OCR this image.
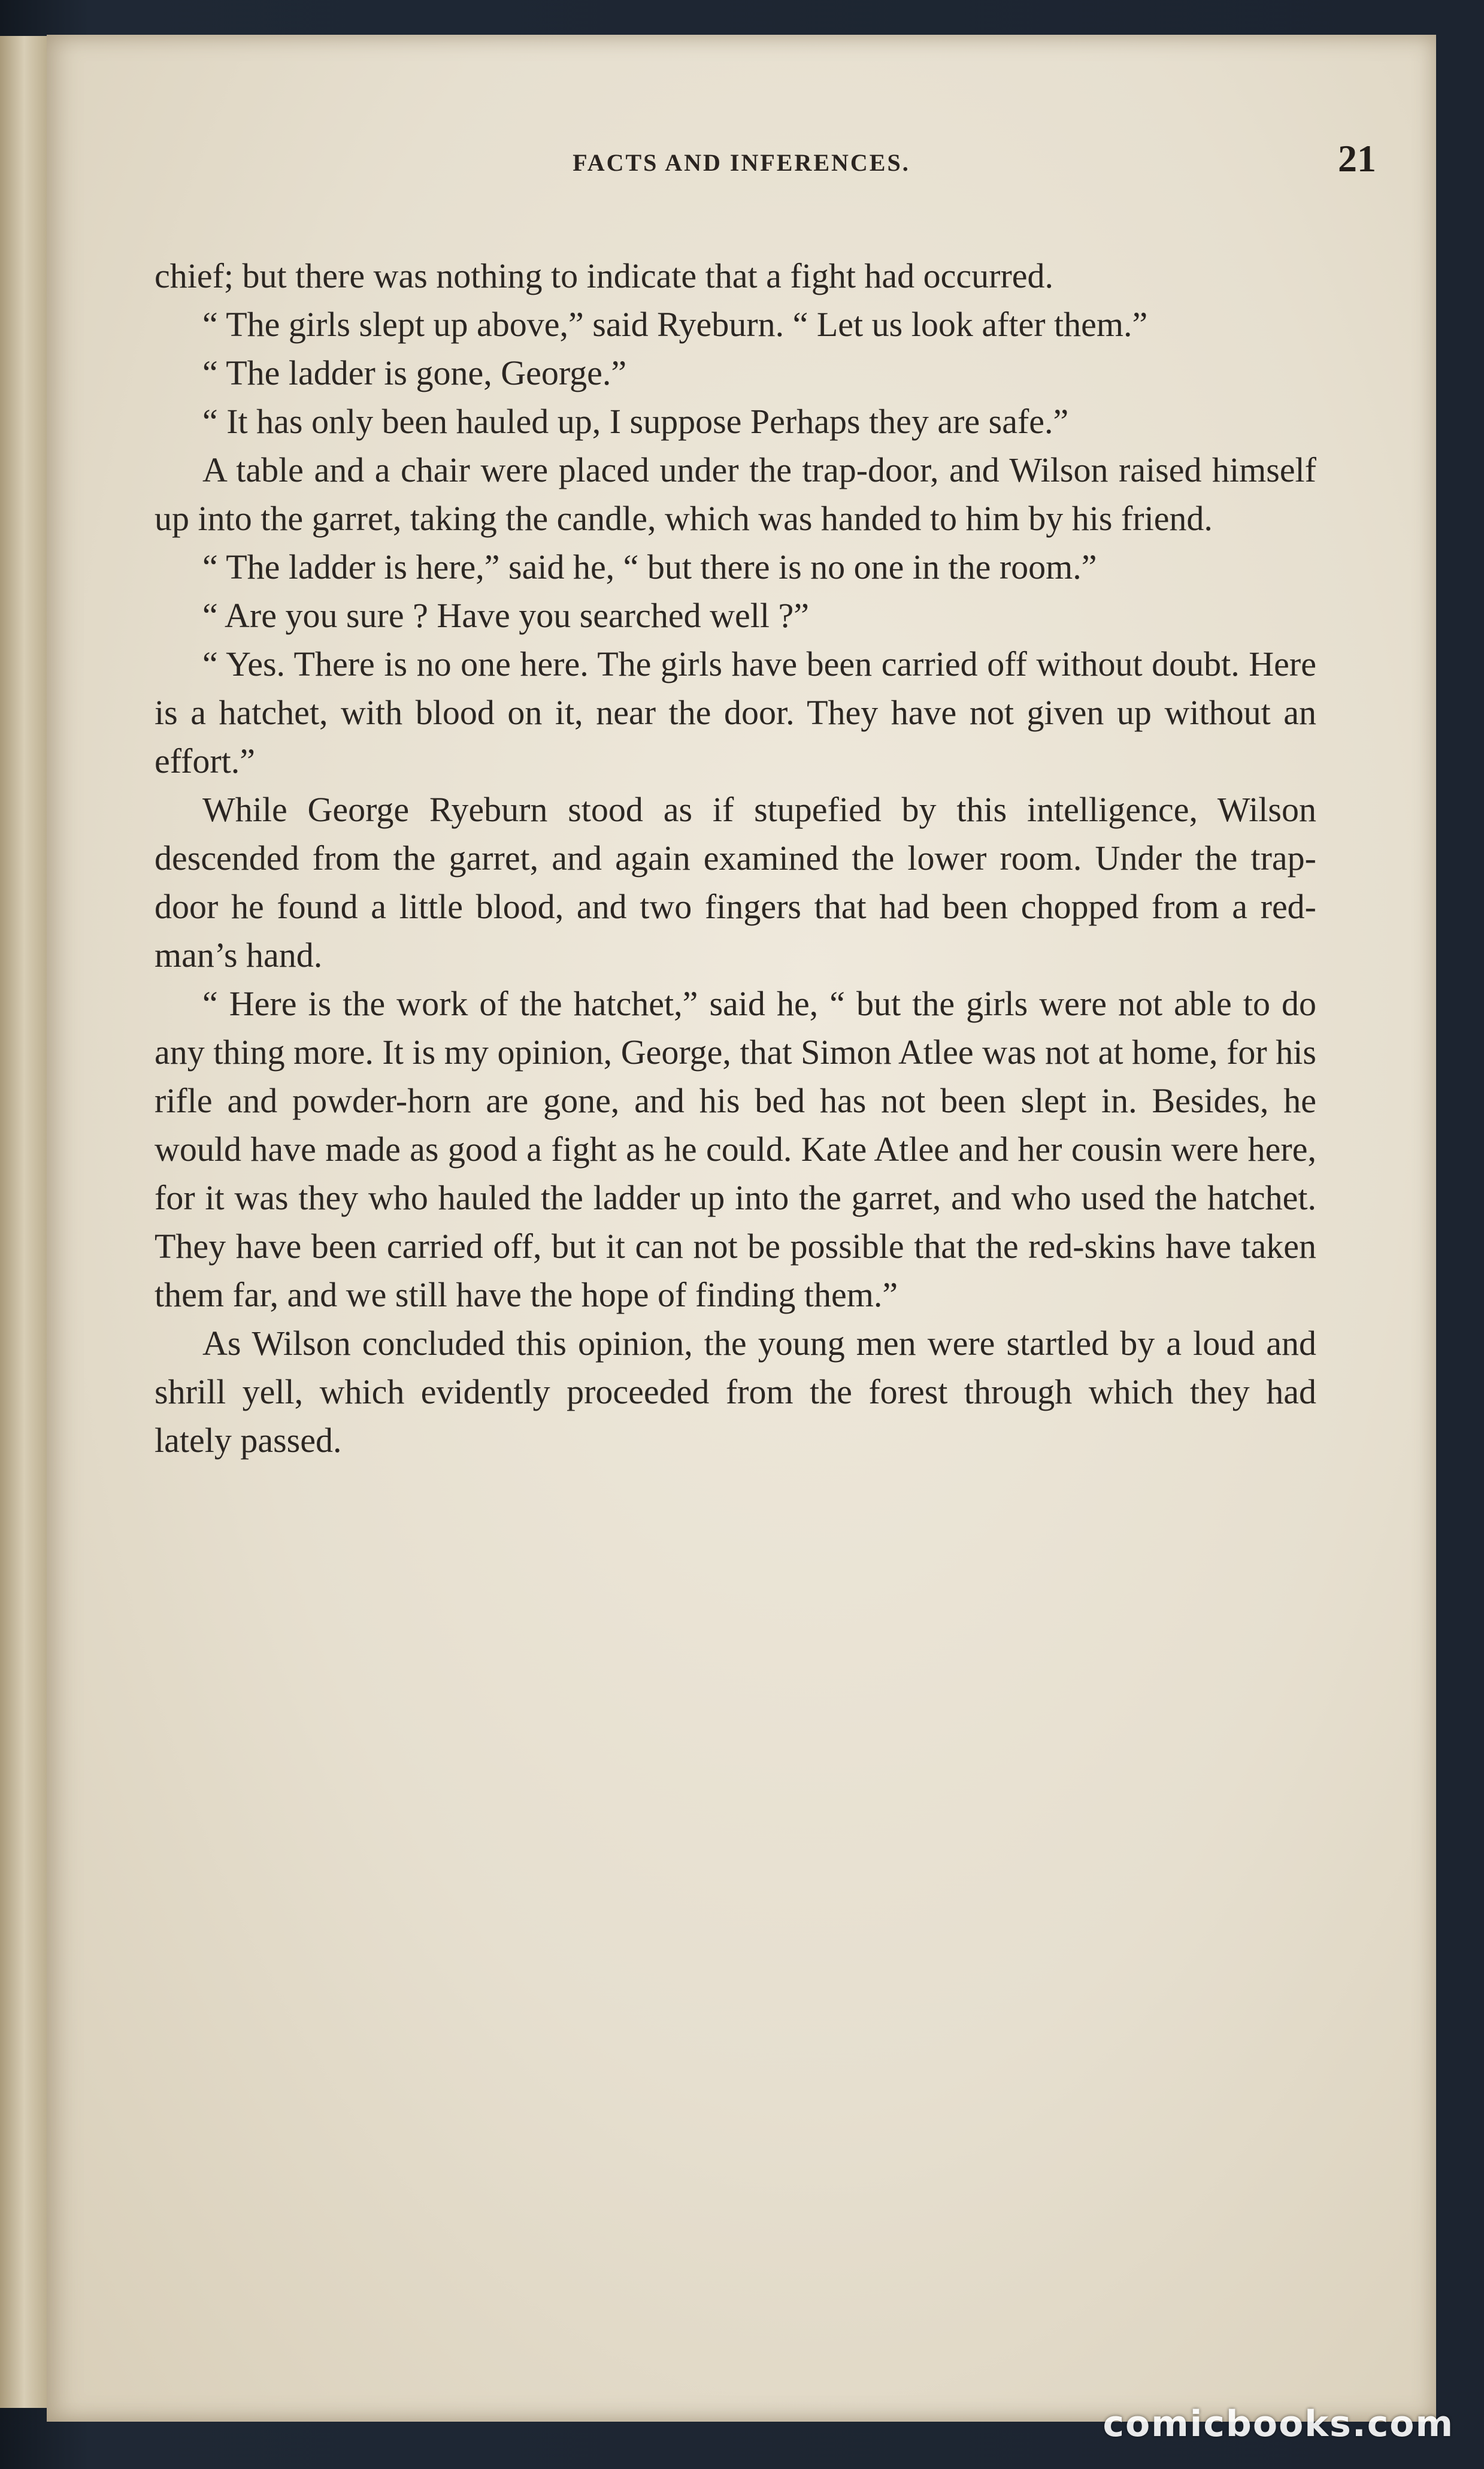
FACTS AND INFERENCES.	21

chief; but there was nothing to indicate that a fight had occurred.

“ The girls slept up above,” said Ryeburn. “ Let us look after them.”

“ The ladder is gone, George.”

“ It has only been hauled up, I suppose Perhaps they are safe.”

A table and a chair were placed under the trap-door, and Wilson raised himself up into the garret, taking the candle, which was handed to him by his friend.

“ The ladder is here,” said he, “ but there is no one in the room.”

“ Are you sure ? Have you searched well ?”

“ Yes. There is no one here. The girls have been carried off without doubt. Here is a hatchet, with blood on it, near the door. They have not given up without an effort.”

While George Ryeburn stood as if stupefied by this intelligence, Wilson descended from the garret, and again examined the lower room. Under the trap-door he found a little blood, and two fingers that had been chopped from a red-man’s hand.

“ Here is the work of the hatchet,” said he, “ but the girls were not able to do any thing more. It is my opinion, George, that Simon Atlee was not at home, for his rifle and powder-horn are gone, and his bed has not been slept in. Besides, he would have made as good a fight as he could. Kate Atlee and her cousin were here, for it was they who hauled the ladder up into the garret, and who used the hatchet. They have been carried off, but it can not be possible that the red-skins have taken them far, and we still have the hope of finding them.”

As Wilson concluded this opinion, the young men were startled by a loud and shrill yell, which evidently proceeded from the forest through which they had lately passed.

comicbooks.com
